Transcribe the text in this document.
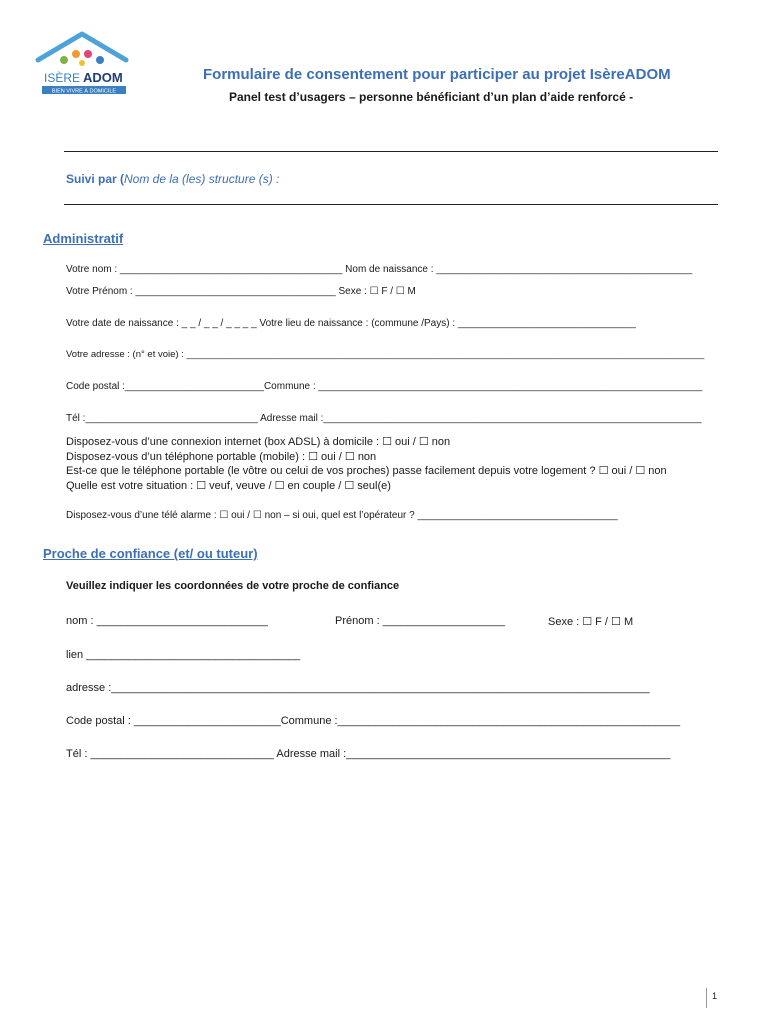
ISÈRE ADOM
BIEN VIVRE À DOMICILE
Formulaire de consentement pour participer au projet IsèreADOM
Panel test d’usagers – personne bénéficiant d’un plan d’aide renforcé -
Suivi par (Nom de la (les) structure (s) :
Administratif
Votre nom : ________________________________________ Nom de naissance : ______________________________________________
Votre Prénom : ____________________________________ Sexe : ☐ F / ☐ M
Votre date de naissance : _ _ / _ _ / _ _ _ _ Votre lieu de naissance : (commune /Pays) : ________________________________
Votre adresse : (n° et voie) : __________________________________________________________________________________________________
Code postal :_________________________Commune : _____________________________________________________________________
Tél :_______________________________ Adresse mail :____________________________________________________________________
Disposez-vous d’une connexion internet (box ADSL) à domicile : ☐ oui / ☐ non
Disposez-vous d’un téléphone portable (mobile) : ☐ oui / ☐ non
Est-ce que le téléphone portable (le vôtre ou celui de vos proches) passe facilement depuis votre logement ? ☐ oui / ☐ non
Quelle est votre situation : ☐ veuf, veuve / ☐ en couple / ☐ seul(e)
Disposez-vous d’une télé alarme : ☐ oui / ☐ non – si oui, quel est l’opérateur ? ____________________________________
Proche de confiance (et/ ou tuteur)
Veuillez indiquer les coordonnées de votre proche de confiance
nom : ____________________________	Prénom : ____________________	Sexe : ☐ F / ☐ M
lien ___________________________________
adresse :________________________________________________________________________________________
Code postal : ________________________Commune :________________________________________________________
Tél : ______________________________ Adresse mail :_____________________________________________________
1
